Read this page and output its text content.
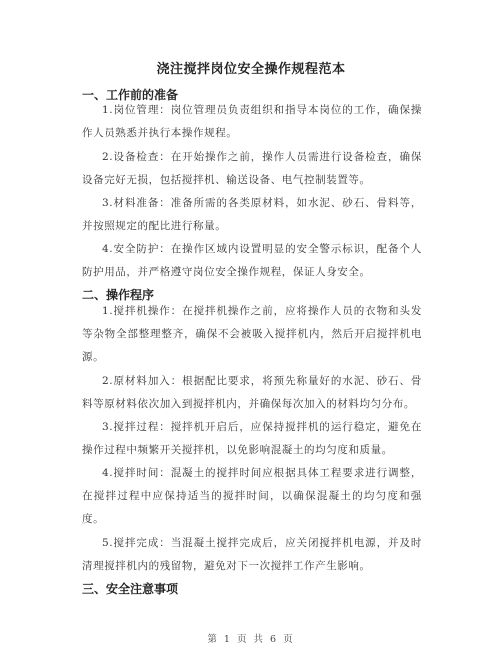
浇注搅拌岗位安全操作规程范本
一、工作前的准备
1.岗位管理：岗位管理员负责组织和指导本岗位的工作，确保操作人员熟悉并执行本操作规程。
2.设备检查：在开始操作之前，操作人员需进行设备检查，确保设备完好无损，包括搅拌机、输送设备、电气控制装置等。
3.材料准备：准备所需的各类原材料，如水泥、砂石、骨料等，并按照规定的配比进行称量。
4.安全防护：在操作区域内设置明显的安全警示标识，配备个人防护用品，并严格遵守岗位安全操作规程，保证人身安全。
二、操作程序
1.搅拌机操作：在搅拌机操作之前，应将操作人员的衣物和头发等杂物全部整理整齐，确保不会被吸入搅拌机内，然后开启搅拌机电源。
2.原材料加入：根据配比要求，将预先称量好的水泥、砂石、骨料等原材料依次加入到搅拌机内，并确保每次加入的材料均匀分布。
3.搅拌过程：搅拌机开启后，应保持搅拌机的运行稳定，避免在操作过程中频繁开关搅拌机，以免影响混凝土的均匀度和质量。
4.搅拌时间：混凝土的搅拌时间应根据具体工程要求进行调整，在搅拌过程中应保持适当的搅拌时间，以确保混凝土的均匀度和强度。
5.搅拌完成：当混凝土搅拌完成后，应关闭搅拌机电源，并及时清理搅拌机内的残留物，避免对下一次搅拌工作产生影响。
三、安全注意事项
第 1 页 共 6 页
